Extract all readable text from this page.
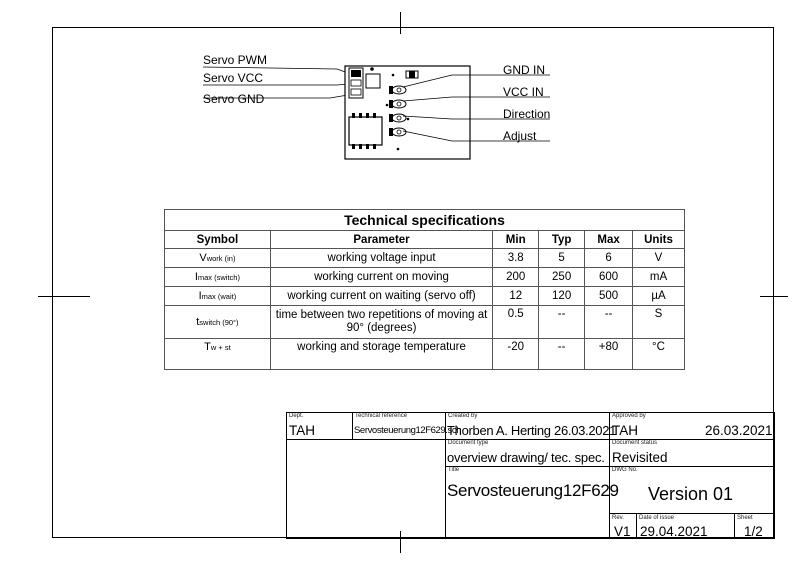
Servo PWM
Servo VCC
Servo GND
GND IN
VCC IN
Direction
Adjust
Technical specifications					
Symbol	Parameter	Min	Typ	Max	Units
Vwork (in)	working voltage input	3.8	5	6	V
Imax (switch)	working current on moving	200	250	600	mA
Imax (wait)	working current on waiting (servo off)	12	120	500	µA
tswitch (90°)	time between two repetitions of moving at 90° (degrees)	0.5	--	--	S
Tw + st	working and storage temperature	-20	--	+80	°C
Dept.
TAH
Technical reference
Servosteuerung12F629.sch
Created by
Thorben A. Herting 26.03.2021
Approved by
TAH	26.03.2021
Document type
overview drawing/ tec. spec.
Document status
Revisited
Title
Servosteuerung12F629
DWG No.
Version 01
Rev.
V1
Date of issue
29.04.2021
Sheet
1/2
